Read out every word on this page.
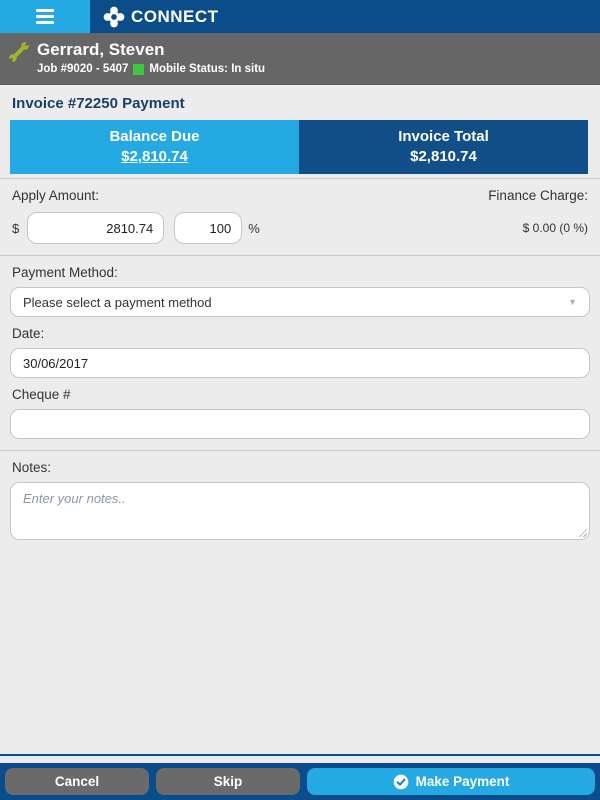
CONNECT
Gerrard, Steven
Job #9020 - 5407 Mobile Status: In situ
Invoice #72250 Payment
Balance Due
$2,810.74
Invoice Total
$2,810.74
Apply Amount:	Finance Charge:
$
2810.74
100	%	$ 0.00 (0 %)
Payment Method:
Please select a payment method	▼
Date:
30/06/2017
Cheque #
Notes:
Enter your notes..
Cancel	Skip	Make Payment
